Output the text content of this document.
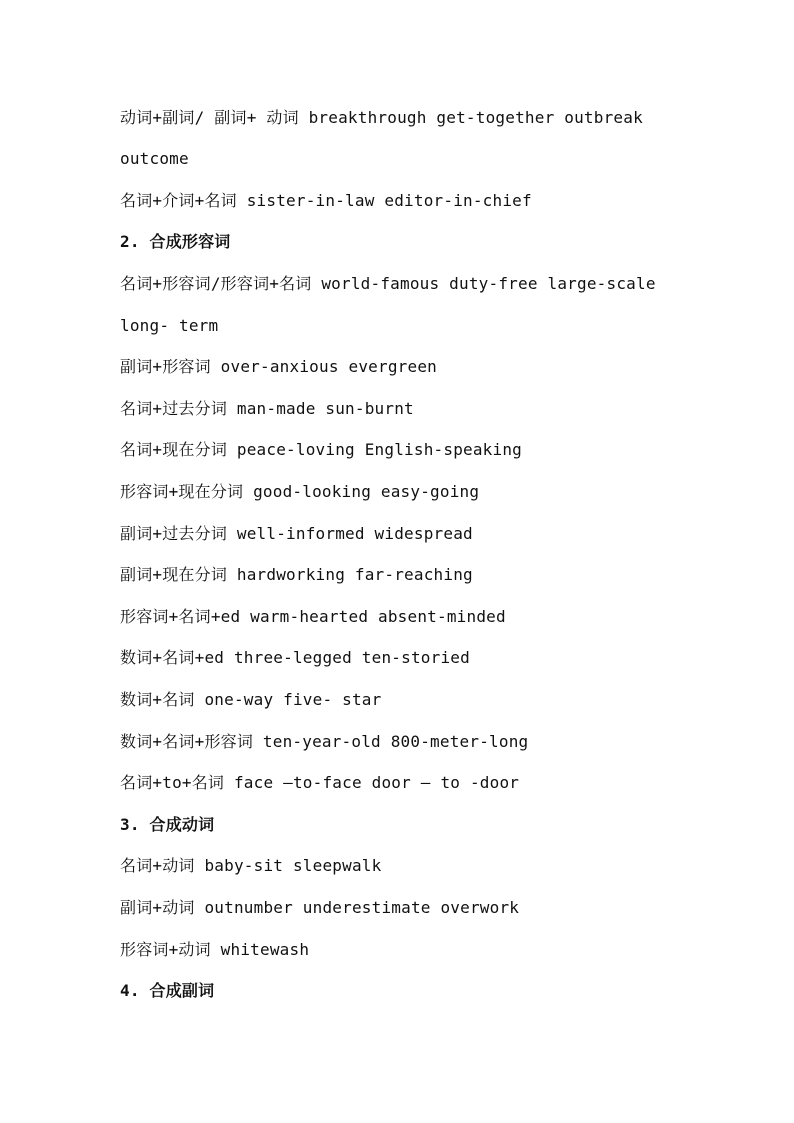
动词+副词/ 副词+ 动词 breakthrough get-together outbreak
outcome
名词+介词+名词 sister-in-law editor-in-chief
2. 合成形容词
名词+形容词/形容词+名词 world-famous duty-free large-scale
long- term
副词+形容词 over-anxious evergreen
名词+过去分词 man-made sun-burnt
名词+现在分词 peace-loving English-speaking
形容词+现在分词 good-looking easy-going
副词+过去分词 well-informed widespread
副词+现在分词 hardworking far-reaching
形容词+名词+ed warm-hearted absent-minded
数词+名词+ed three-legged ten-storied
数词+名词 one-way five- star
数词+名词+形容词 ten-year-old 800-meter-long
名词+to+名词 face –to-face door – to -door
3. 合成动词
名词+动词 baby-sit sleepwalk
副词+动词 outnumber underestimate overwork
形容词+动词 whitewash
4. 合成副词
